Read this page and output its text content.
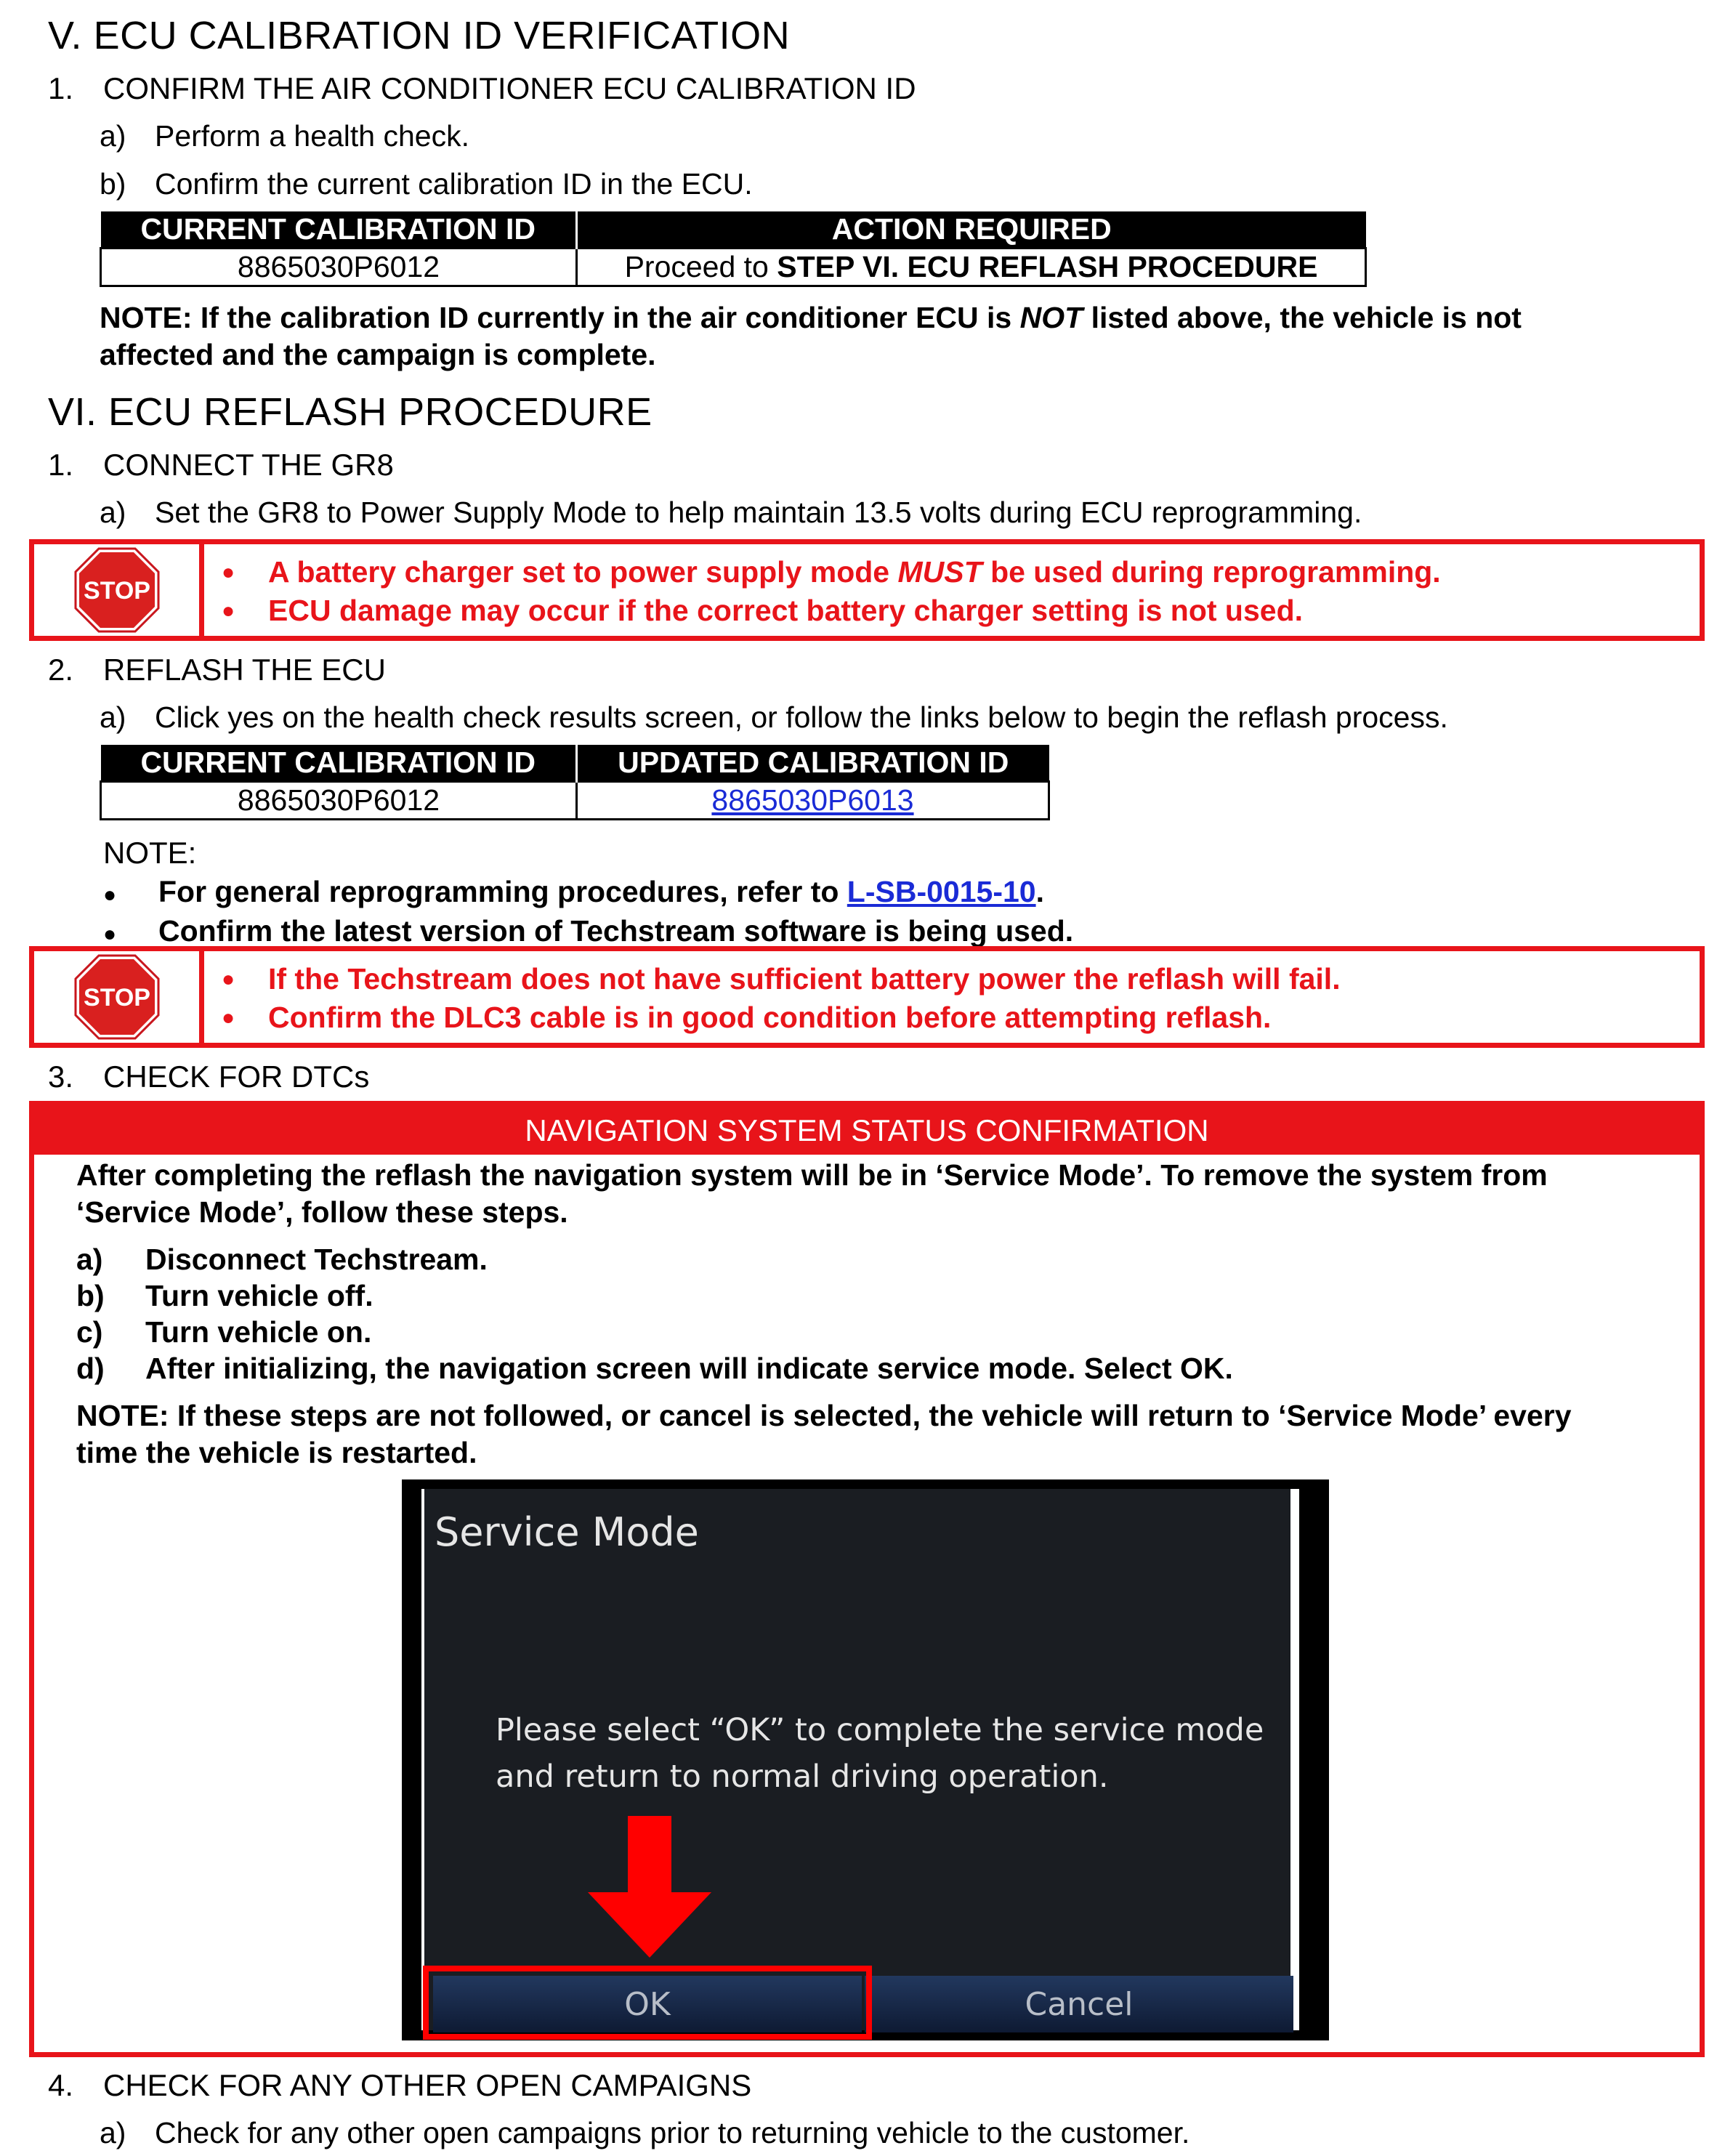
V. ECU CALIBRATION ID VERIFICATION
1. CONFIRM THE AIR CONDITIONER ECU CALIBRATION ID
a) Perform a health check.
b) Confirm the current calibration ID in the ECU.
CURRENT CALIBRATION ID	ACTION REQUIRED
8865030P6012	Proceed to STEP VI. ECU REFLASH PROCEDURE
NOTE: If the calibration ID currently in the air conditioner ECU is NOT listed above, the vehicle is not
affected and the campaign is complete.
VI. ECU REFLASH PROCEDURE
1. CONNECT THE GR8
a) Set the GR8 to Power Supply Mode to help maintain 13.5 volts during ECU reprogramming.
STOP
●	A battery charger set to power supply mode MUST be used during reprogramming.
●	ECU damage may occur if the correct battery charger setting is not used.
2. REFLASH THE ECU
a) Click yes on the health check results screen, or follow the links below to begin the reflash process.
CURRENT CALIBRATION ID	UPDATED CALIBRATION ID
8865030P6012	8865030P6013
NOTE:
● For general reprogramming procedures, refer to L-SB-0015-10.
● Confirm the latest version of Techstream software is being used.
STOP
●	If the Techstream does not have sufficient battery power the reflash will fail.
●	Confirm the DLC3 cable is in good condition before attempting reflash.
3. CHECK FOR DTCs
NAVIGATION SYSTEM STATUS CONFIRMATION
After completing the reflash the navigation system will be in ‘Service Mode’. To remove the system from
‘Service Mode’, follow these steps.
a) Disconnect Techstream.
b) Turn vehicle off.
c) Turn vehicle on.
d) After initializing, the navigation screen will indicate service mode. Select OK.
NOTE: If these steps are not followed, or cancel is selected, the vehicle will return to ‘Service Mode’ every
time the vehicle is restarted.
Service Mode
Please select “OK” to complete the service mode
and return to normal driving operation.
OK	Cancel
4. CHECK FOR ANY OTHER OPEN CAMPAIGNS
a) Check for any other open campaigns prior to returning vehicle to the customer.
